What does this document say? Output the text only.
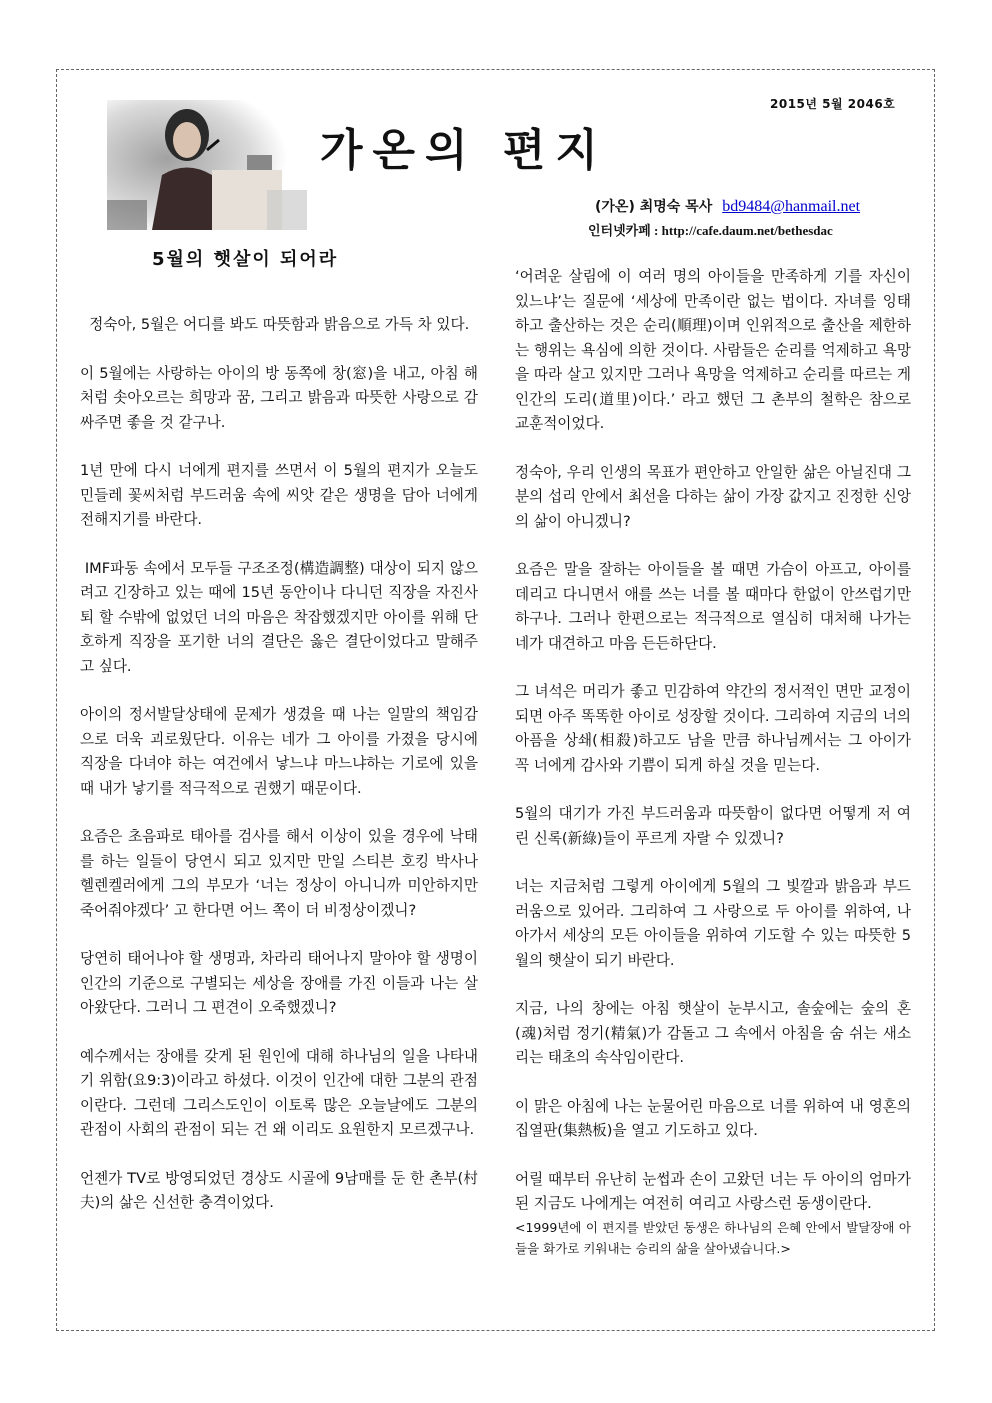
2015년 5월 2046호
가온의 편지
(가온) 최명숙 목사 bd9484@hanmail.net
인터넷카페 : http://cafe.daum.net/bethesdac
5월의 햇살이 되어라

정숙아, 5월은 어디를 봐도 따뜻함과 밝음으로 가득 차 있다.

이 5월에는 사랑하는 아이의 방 동쪽에 창(窓)을 내고, 아침 해처럼 솟아오르는 희망과 꿈, 그리고 밝음과 따뜻한 사랑으로 감싸주면 좋을 것 같구나.

1년 만에 다시 너에게 편지를 쓰면서 이 5월의 편지가 오늘도 민들레 꽃씨처럼 부드러움 속에 씨앗 같은 생명을 담아 너에게 전해지기를 바란다.

IMF파동 속에서 모두들 구조조정(構造調整) 대상이 되지 않으려고 긴장하고 있는 때에 15년 동안이나 다니던 직장을 자진사퇴 할 수밖에 없었던 너의 마음은 착잡했겠지만 아이를 위해 단호하게 직장을 포기한 너의 결단은 옳은 결단이었다고 말해주고 싶다.

아이의 정서발달상태에 문제가 생겼을 때 나는 일말의 책임감으로 더욱 괴로웠단다. 이유는 네가 그 아이를 가졌을 당시에 직장을 다녀야 하는 여건에서 낳느냐 마느냐하는 기로에 있을 때 내가 낳기를 적극적으로 권했기 때문이다.

요즘은 초음파로 태아를 검사를 해서 이상이 있을 경우에 낙태를 하는 일들이 당연시 되고 있지만 만일 스티븐 호킹 박사나 헬렌켈러에게 그의 부모가 ‘너는 정상이 아니니까 미안하지만 죽어줘야겠다’ 고 한다면 어느 쪽이 더 비정상이겠니?

당연히 태어나야 할 생명과, 차라리 태어나지 말아야 할 생명이 인간의 기준으로 구별되는 세상을 장애를 가진 이들과 나는 살아왔단다. 그러니 그 편견이 오죽했겠니?

예수께서는 장애를 갖게 된 원인에 대해 하나님의 일을 나타내기 위함(요9:3)이라고 하셨다. 이것이 인간에 대한 그분의 관점이란다. 그런데 그리스도인이 이토록 많은 오늘날에도 그분의 관점이 사회의 관점이 되는 건 왜 이리도 요원한지 모르겠구나.

언젠가 TV로 방영되었던 경상도 시골에 9남매를 둔 한 촌부(村夫)의 삶은 신선한 충격이었다.

‘어려운 살림에 이 여러 명의 아이들을 만족하게 기를 자신이 있느냐’는 질문에 ‘세상에 만족이란 없는 법이다. 자녀를 잉태하고 출산하는 것은 순리(順理)이며 인위적으로 출산을 제한하는 행위는 욕심에 의한 것이다. 사람들은 순리를 억제하고 욕망을 따라 살고 있지만 그러나 욕망을 억제하고 순리를 따르는 게 인간의 도리(道里)이다.’ 라고 했던 그 촌부의 철학은 참으로 교훈적이었다.

정숙아, 우리 인생의 목표가 편안하고 안일한 삶은 아닐진대 그분의 섭리 안에서 최선을 다하는 삶이 가장 값지고 진정한 신앙의 삶이 아니겠니?

요즘은 말을 잘하는 아이들을 볼 때면 가슴이 아프고, 아이를 데리고 다니면서 애를 쓰는 너를 볼 때마다 한없이 안쓰럽기만 하구나. 그러나 한편으로는 적극적으로 열심히 대처해 나가는 네가 대견하고 마음 든든하단다.

그 녀석은 머리가 좋고 민감하여 약간의 정서적인 면만 교정이 되면 아주 똑똑한 아이로 성장할 것이다. 그리하여 지금의 너의 아픔을 상쇄(相殺)하고도 남을 만큼 하나님께서는 그 아이가 꼭 너에게 감사와 기쁨이 되게 하실 것을 믿는다.

5월의 대기가 가진 부드러움과 따뜻함이 없다면 어떻게 저 여린 신록(新綠)들이 푸르게 자랄 수 있겠니?

너는 지금처럼 그렇게 아이에게 5월의 그 빛깔과 밝음과 부드러움으로 있어라. 그리하여 그 사랑으로 두 아이를 위하여, 나아가서 세상의 모든 아이들을 위하여 기도할 수 있는 따뜻한 5월의 햇살이 되기 바란다.

지금, 나의 창에는 아침 햇살이 눈부시고, 솔숲에는 숲의 혼(魂)처럼 정기(精氣)가 감돌고 그 속에서 아침을 숨 쉬는 새소리는 태초의 속삭임이란다.

이 맑은 아침에 나는 눈물어린 마음으로 너를 위하여 내 영혼의 집열판(集熱板)을 열고 기도하고 있다.

어릴 때부터 유난히 눈썹과 손이 고왔던 너는 두 아이의 엄마가 된 지금도 나에게는 여전히 여리고 사랑스런 동생이란다.

<1999년에 이 편지를 받았던 동생은 하나님의 은혜 안에서 발달장애 아들을 화가로 키워내는 승리의 삶을 살아냈습니다.>
